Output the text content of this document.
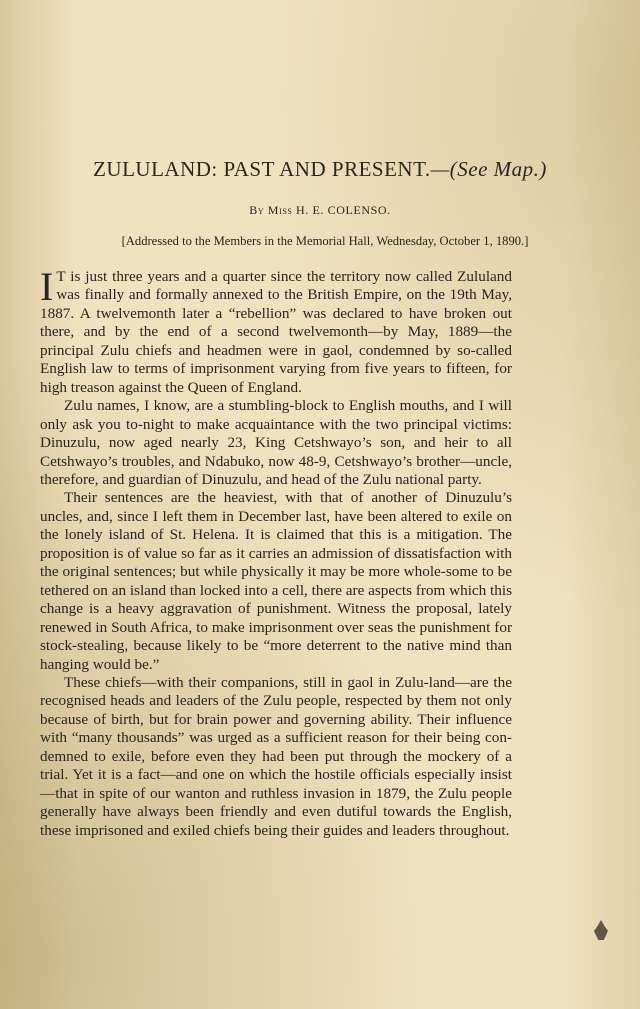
ZULULAND: PAST AND PRESENT.—(See Map.)
By Miss H. E. COLENSO.
[Addressed to the Members in the Memorial Hall, Wednesday, October 1, 1890.]

I T is just three years and a quarter since the territory now called Zululand was finally and formally annexed to the British Empire, on the 19th May, 1887. A twelvemonth later a “rebellion” was declared to have broken out there, and by the end of a second twelvemonth—by May, 1889—the principal Zulu chiefs and headmen were in gaol, condemned by so-called English law to terms of imprisonment varying from five years to fifteen, for high treason against the Queen of England.

Zulu names, I know, are a stumbling-block to English mouths, and I will only ask you to-night to make acquaintance with the two principal victims: Dinuzulu, now aged nearly 23, King Cetshwayo’s son, and heir to all Cetshwayo’s troubles, and Ndabuko, now 48-9, Cetshwayo’s brother—uncle, therefore, and guardian of Dinuzulu, and head of the Zulu national party.

Their sentences are the heaviest, with that of another of Dinuzulu’s uncles, and, since I left them in December last, have been altered to exile on the lonely island of St. Helena. It is claimed that this is a mitigation. The proposition is of value so far as it carries an admission of dissatisfaction with the original sentences; but while physically it may be more whole-some to be tethered on an island than locked into a cell, there are aspects from which this change is a heavy aggravation of punishment. Witness the proposal, lately renewed in South Africa, to make imprisonment over seas the punishment for stock-stealing, because likely to be “more deterrent to the native mind than hanging would be.”

These chiefs—with their companions, still in gaol in Zulu-land—are the recognised heads and leaders of the Zulu people, respected by them not only because of birth, but for brain power and governing ability. Their influence with “many thousands” was urged as a sufficient reason for their being con-demned to exile, before even they had been put through the mockery of a trial. Yet it is a fact—and one on which the hostile officials especially insist—that in spite of our wanton and ruthless invasion in 1879, the Zulu people generally have always been friendly and even dutiful towards the English, these imprisoned and exiled chiefs being their guides and leaders throughout.
